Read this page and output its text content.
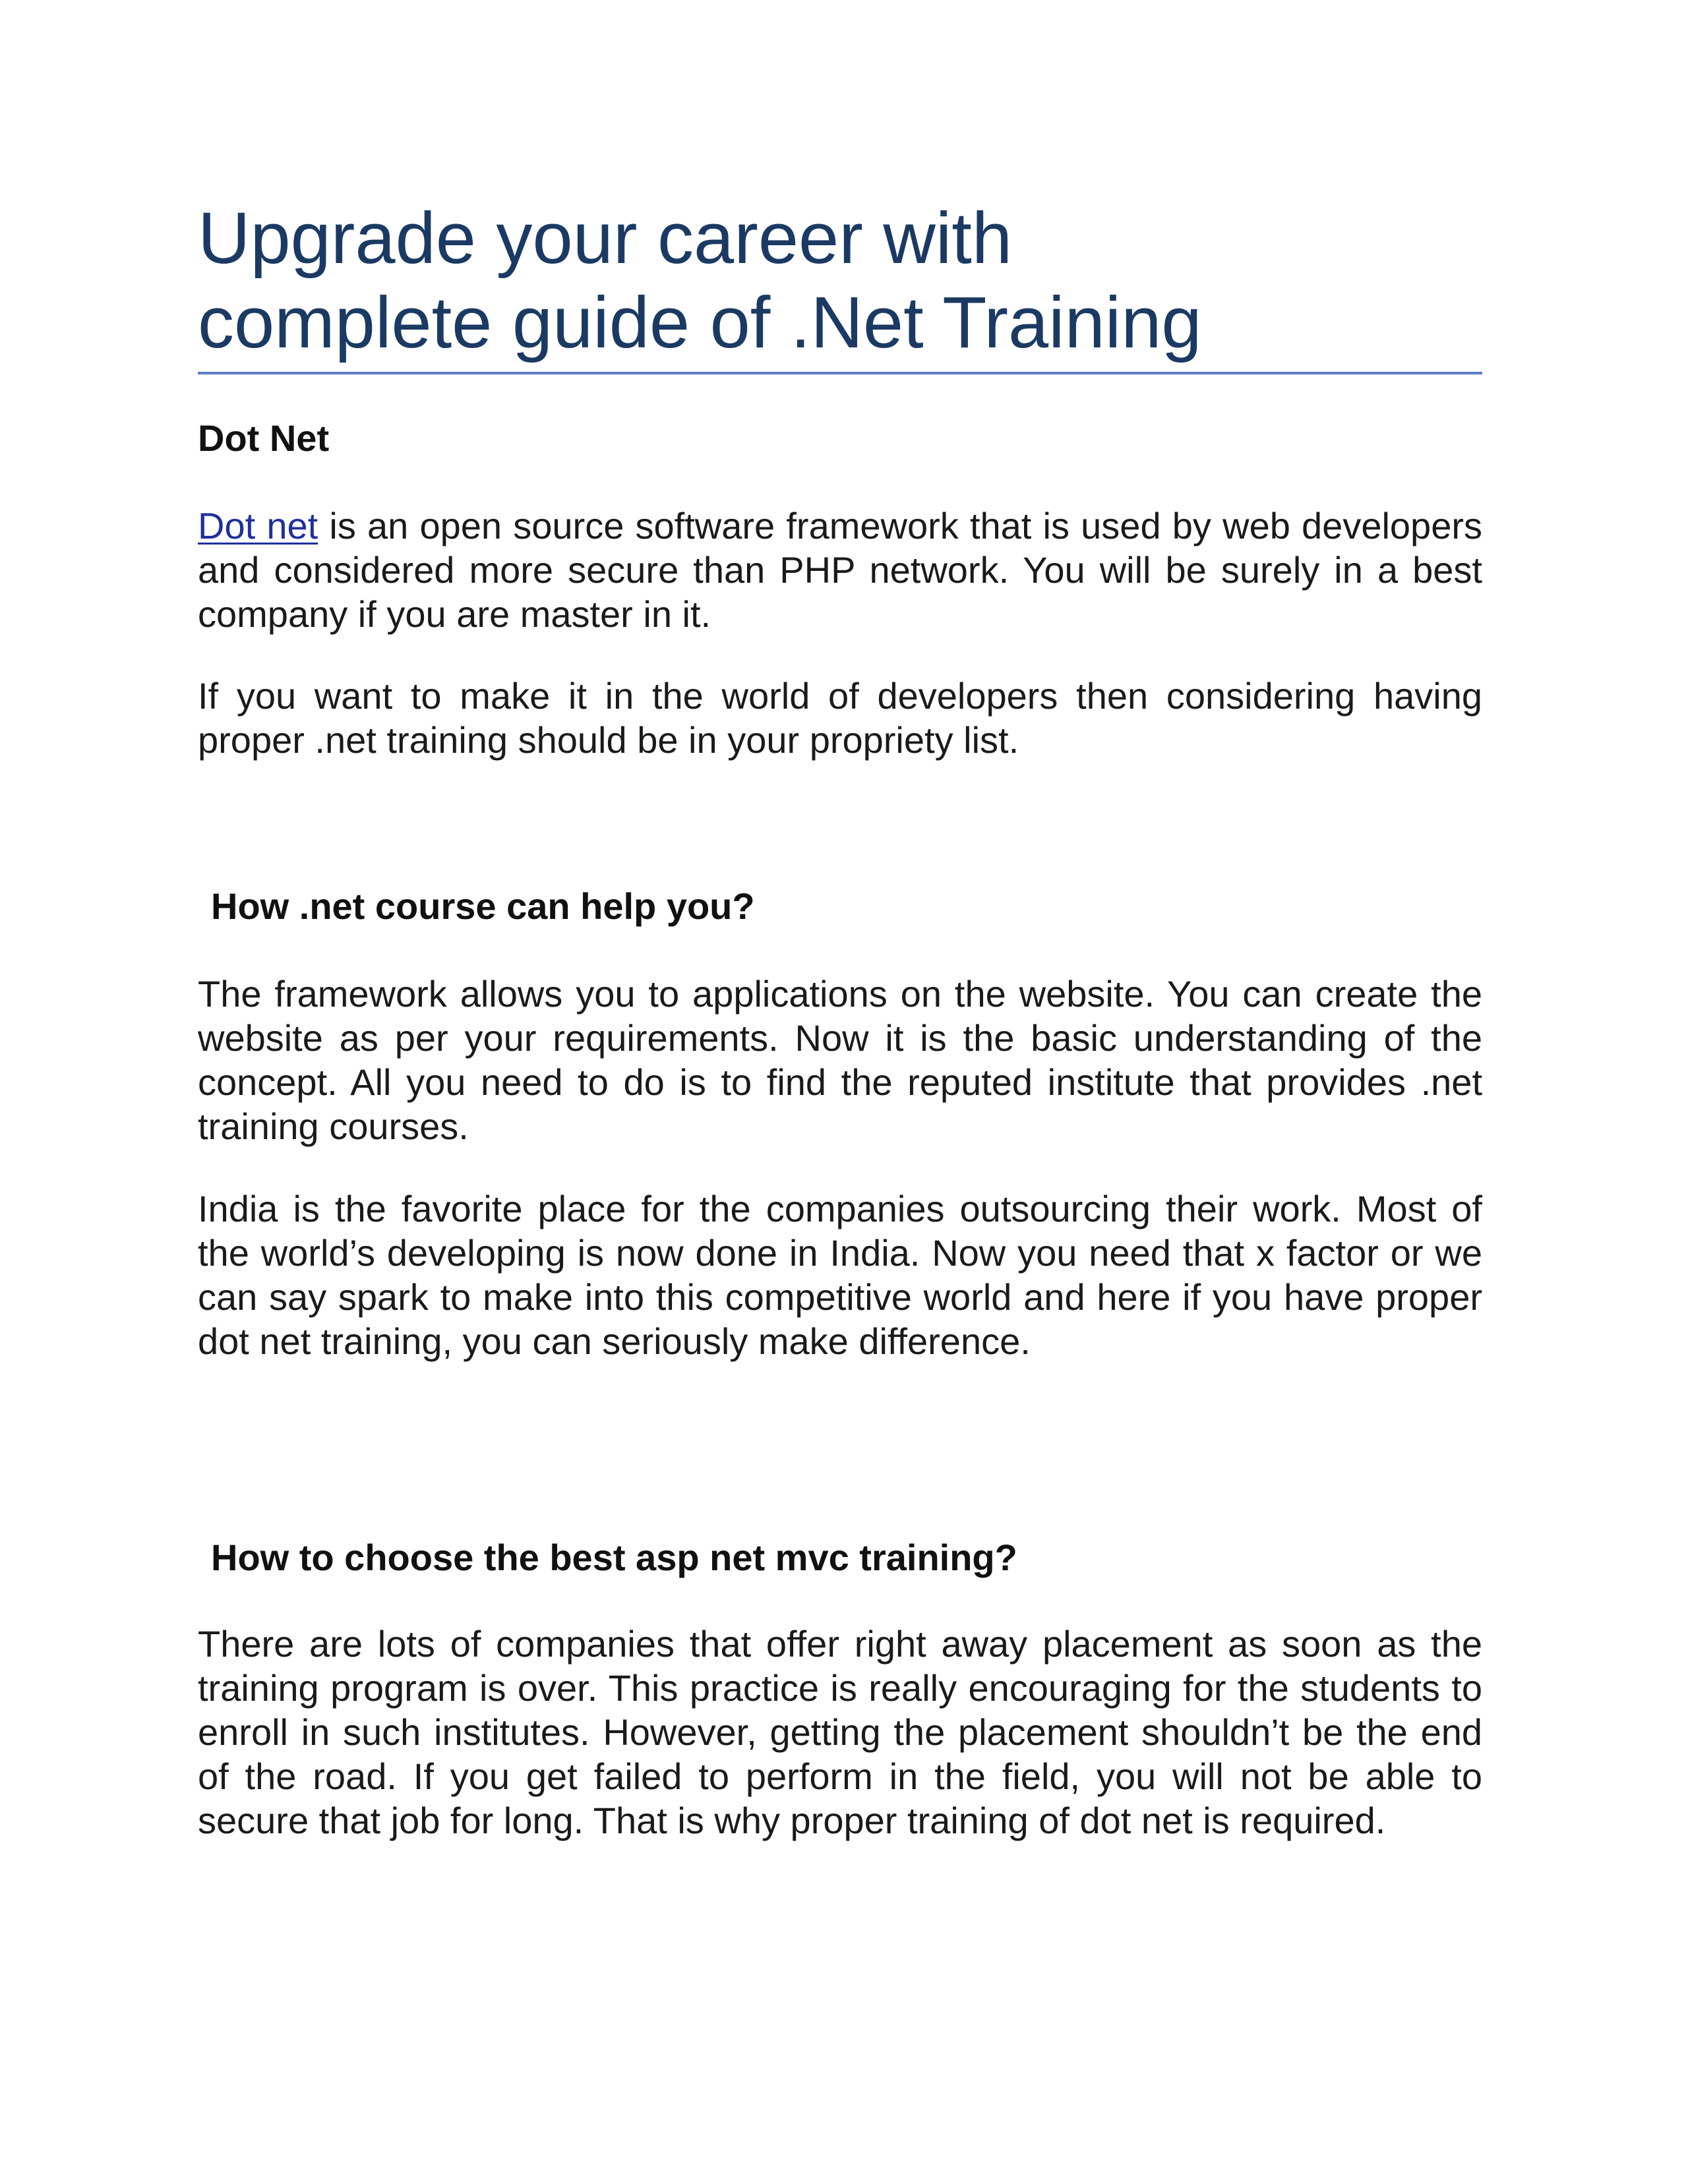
Upgrade your career with
complete guide of .Net Training
Dot Net

Dot net is an open source software framework that is used by web developers and considered more secure than PHP network. You will be surely in a best company if you are master in it.

If you want to make it in the world of developers then considering having proper .net training should be in your propriety list.

How .net course can help you?

The framework allows you to applications on the website. You can create the website as per your requirements. Now it is the basic understanding of the concept. All you need to do is to find the reputed institute that provides .net training courses.

India is the favorite place for the companies outsourcing their work. Most of the world’s developing is now done in India. Now you need that x factor or we can say spark to make into this competitive world and here if you have proper dot net training, you can seriously make difference.

How to choose the best asp net mvc training?

There are lots of companies that offer right away placement as soon as the training program is over. This practice is really encouraging for the students to enroll in such institutes. However, getting the placement shouldn’t be the end of the road. If you get failed to perform in the field, you will not be able to secure that job for long. That is why proper training of dot net is required.
